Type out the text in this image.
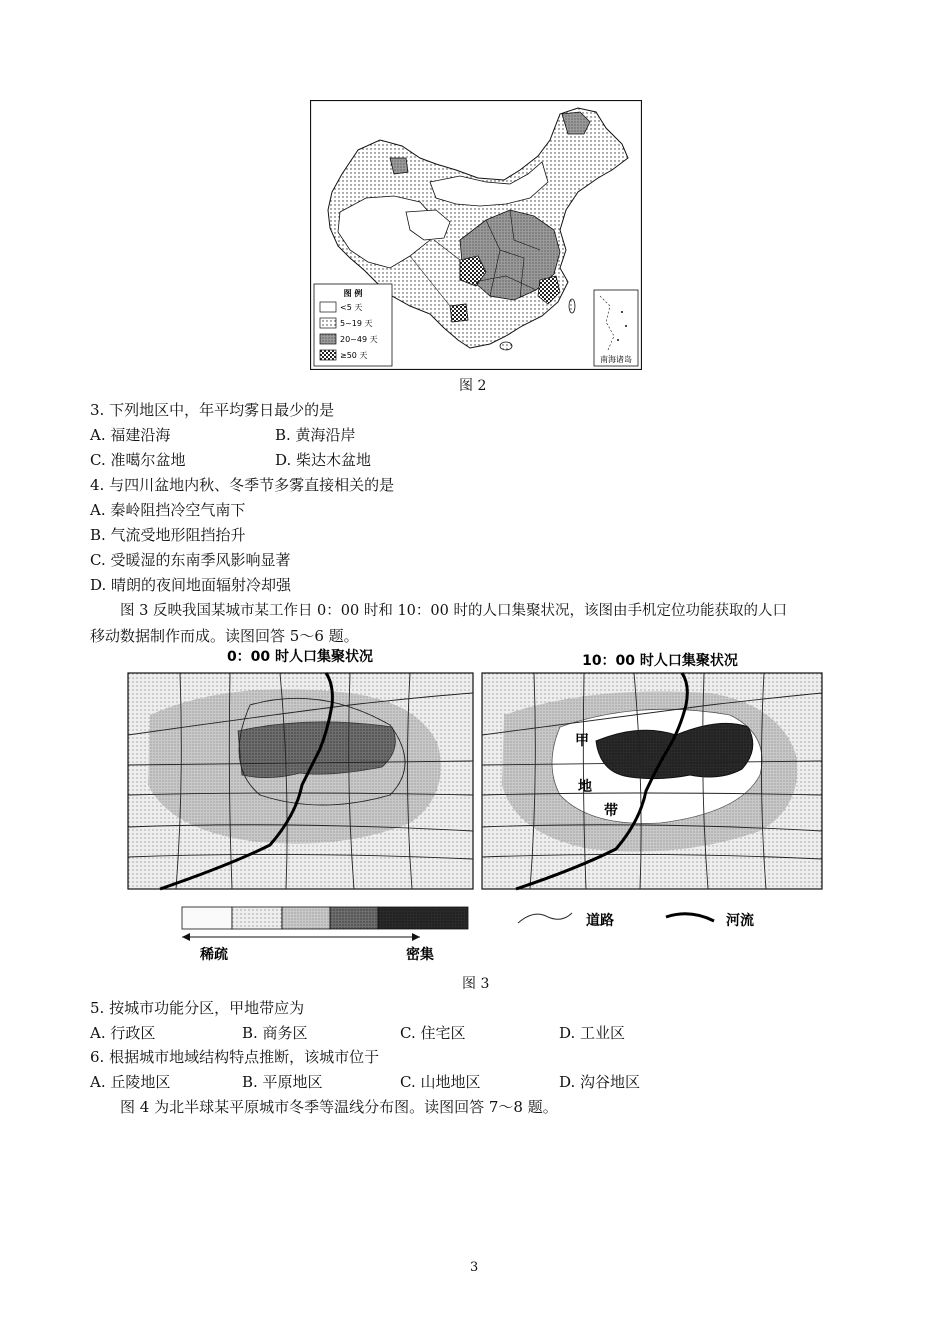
图 例
<5 天
5~19 天
20~49 天
≥50 天	南海诸岛
图 2
3. 下列地区中，年平均雾日最少的是
A. 福建沿海	B. 黄海沿岸
C. 准噶尔盆地	D. 柴达木盆地
4. 与四川盆地内秋、冬季节多雾直接相关的是
A. 秦岭阻挡冷空气南下
B. 气流受地形阻挡抬升
C. 受暖湿的东南季风影响显著
D. 晴朗的夜间地面辐射冷却强
图 3 反映我国某城市某工作日 0：00 时和 10：00 时的人口集聚状况，该图由手机定位功能获取的人口
移动数据制作而成。读图回答 5～6 题。
0：00 时人口集聚状况	10：00 时人口集聚状况
甲
地
带
稀疏	密集
道路	河流
图 3
5. 按城市功能分区，甲地带应为
A. 行政区	B. 商务区	C. 住宅区	D. 工业区
6. 根据城市地域结构特点推断，该城市位于
A. 丘陵地区	B. 平原地区	C. 山地地区	D. 沟谷地区
图 4 为北半球某平原城市冬季等温线分布图。读图回答 7～8 题。
3
